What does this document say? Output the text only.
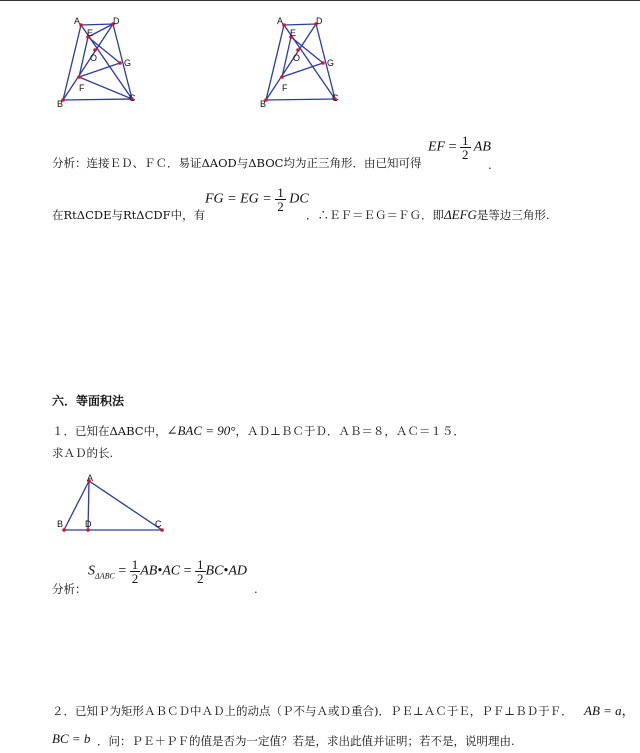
A	D
E
O	G
F
B
C
A	D
E
O	G
F
B
C
分析：连接ＥＤ、ＦＣ．易证ΔAOD与ΔBOC均为正三角形．由已知可得
EF = $\frac{1}{2}$ AB
.
在RtΔCDE与RtΔCDF中，有
FG = EG = $\frac{1}{2}$ DC
．∴ＥＦ＝ＥＧ＝ＦＧ．即ΔEFG是等边三角形.
六．等面积法
１．已知在ΔABC中，∠BAC = 90°，ＡＤ⊥ＢＣ于Ｄ．ＡＢ＝８，ＡＣ＝１５．
求ＡＤ的长.
A
B D	C
分析：
$S_{\Delta ABC} = \frac{1}{2}$ AB•AC = $\frac{1}{2}$ BC•AD
.
２．已知Ｐ为矩形ＡＢＣＤ中ＡＤ上的动点（Ｐ不与Ａ或Ｄ重合)．ＰＥ⊥ＡＣ于Ｅ，ＰＦ⊥ＢＤ于Ｆ． AB = a，
BC = b ．问：ＰＥ＋ＰＦ的值是否为一定值？若是，求出此值并证明；若不是，说明理由.
